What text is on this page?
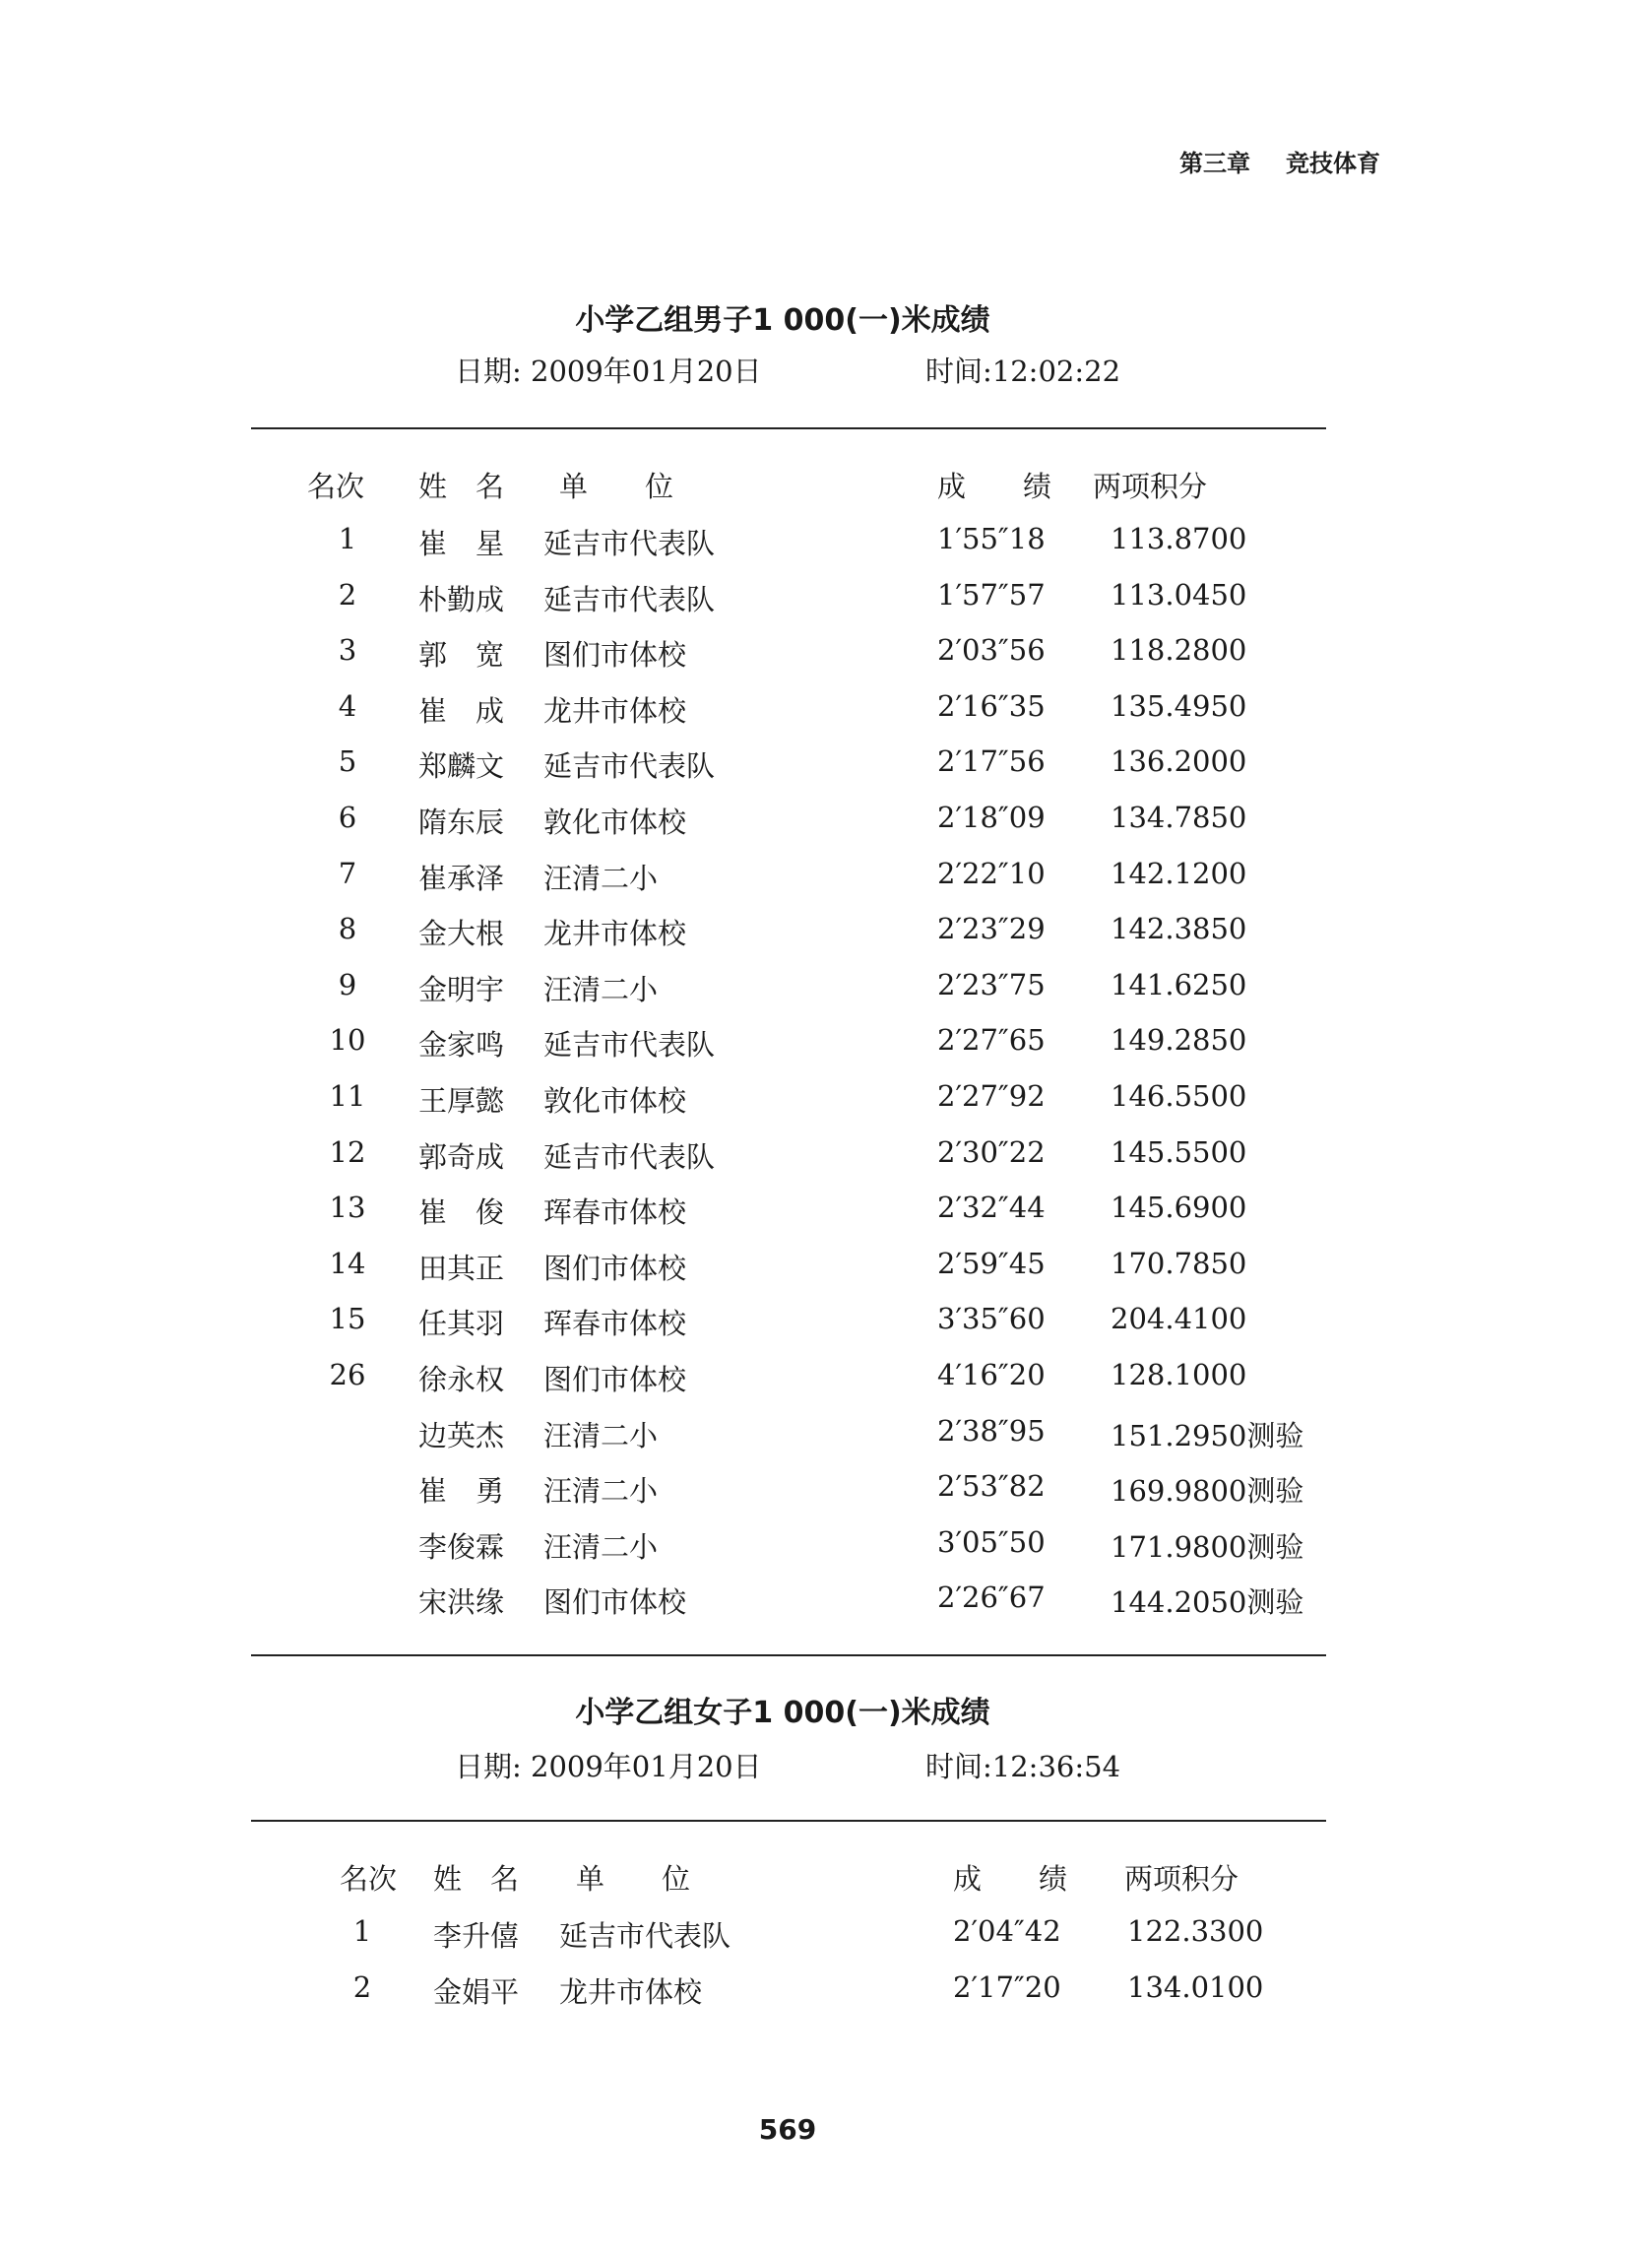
第三章 竞技体育
小学乙组男子1 000(一)米成绩
日期: 2009年01月20日	时间:12:02:22
名次 姓　名 单　　位	成　　绩 两项积分
1	崔　星 延吉市代表队	1′55″18 113.8700
2	朴勤成 延吉市代表队	1′57″57 113.0450
3	郭　宽 图们市体校	2′03″56 118.2800
4	崔　成 龙井市体校	2′16″35 135.4950
5	郑麟文 延吉市代表队	2′17″56 136.2000
6	隋东辰 敦化市体校	2′18″09 134.7850
7	崔承泽 汪清二小	2′22″10 142.1200
8	金大根 龙井市体校	2′23″29 142.3850
9	金明宇 汪清二小	2′23″75 141.6250
10	金家鸣 延吉市代表队	2′27″65 149.2850
11	王厚懿 敦化市体校	2′27″92 146.5500
12	郭奇成 延吉市代表队	2′30″22 145.5500
13	崔　俊 珲春市体校	2′32″44 145.6900
14	田其正 图们市体校	2′59″45 170.7850
15	任其羽 珲春市体校	3′35″60 204.4100
26	徐永权 图们市体校	4′16″20 128.1000
边英杰 汪清二小	2′38″95 151.2950测验
崔　勇 汪清二小	2′53″82 169.9800测验
李俊霖 汪清二小	3′05″50 171.9800测验
宋洪缘 图们市体校	2′26″67 144.2050测验
小学乙组女子1 000(一)米成绩
日期: 2009年01月20日	时间:12:36:54
名次 姓　名 单　　位	成　　绩 两项积分
1	李升僖 延吉市代表队	2′04″42 122.3300
2	金娟平 龙井市体校	2′17″20 134.0100
569
